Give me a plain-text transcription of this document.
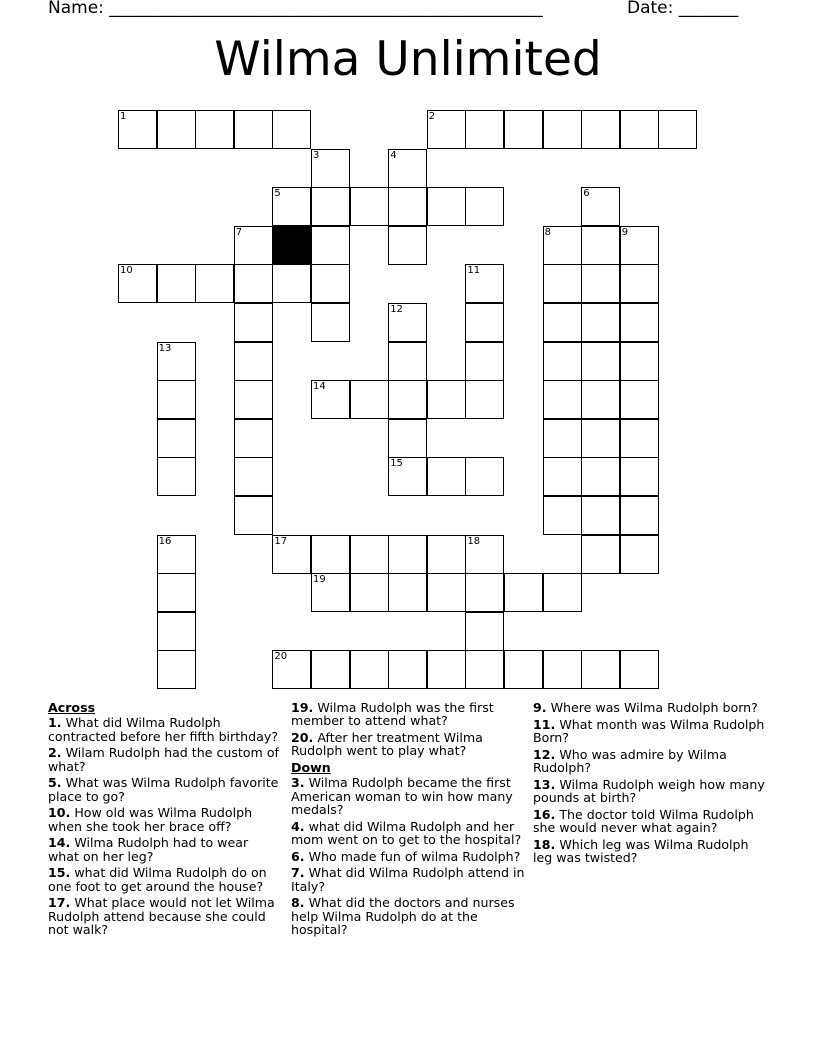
Name: ___________________________________________________	Date: _______
Wilma Unlimited
1	2
3	4
5	6
7	8	9
10	11
12
13
14
15
16	17	18
19
20
Across
1. What did Wilma Rudolph contracted before her fifth birthday?
2. Wilam Rudolph had the custom of what?
5. What was Wilma Rudolph favorite place to go?
10. How old was Wilma Rudolph when she took her brace off?
14. Wilma Rudolph had to wear what on her leg?
15. what did Wilma Rudolph do on one foot to get around the house?
17. What place would not let Wilma Rudolph attend because she could not walk?
19. Wilma Rudolph was the first member to attend what?
20. After her treatment Wilma Rudolph went to play what?
Down
3. Wilma Rudolph became the first American woman to win how many medals?
4. what did Wilma Rudolph and her mom went on to get to the hospital?
6. Who made fun of wilma Rudolph?
7. What did Wilma Rudolph attend in Italy?
8. What did the doctors and nurses help Wilma Rudolph do at the hospital?
9. Where was Wilma Rudolph born?
11. What month was Wilma Rudolph Born?
12. Who was admire by Wilma Rudolph?
13. Wilma Rudolph weigh how many pounds at birth?
16. The doctor told Wilma Rudolph she would never what again?
18. Which leg was Wilma Rudolph leg was twisted?
